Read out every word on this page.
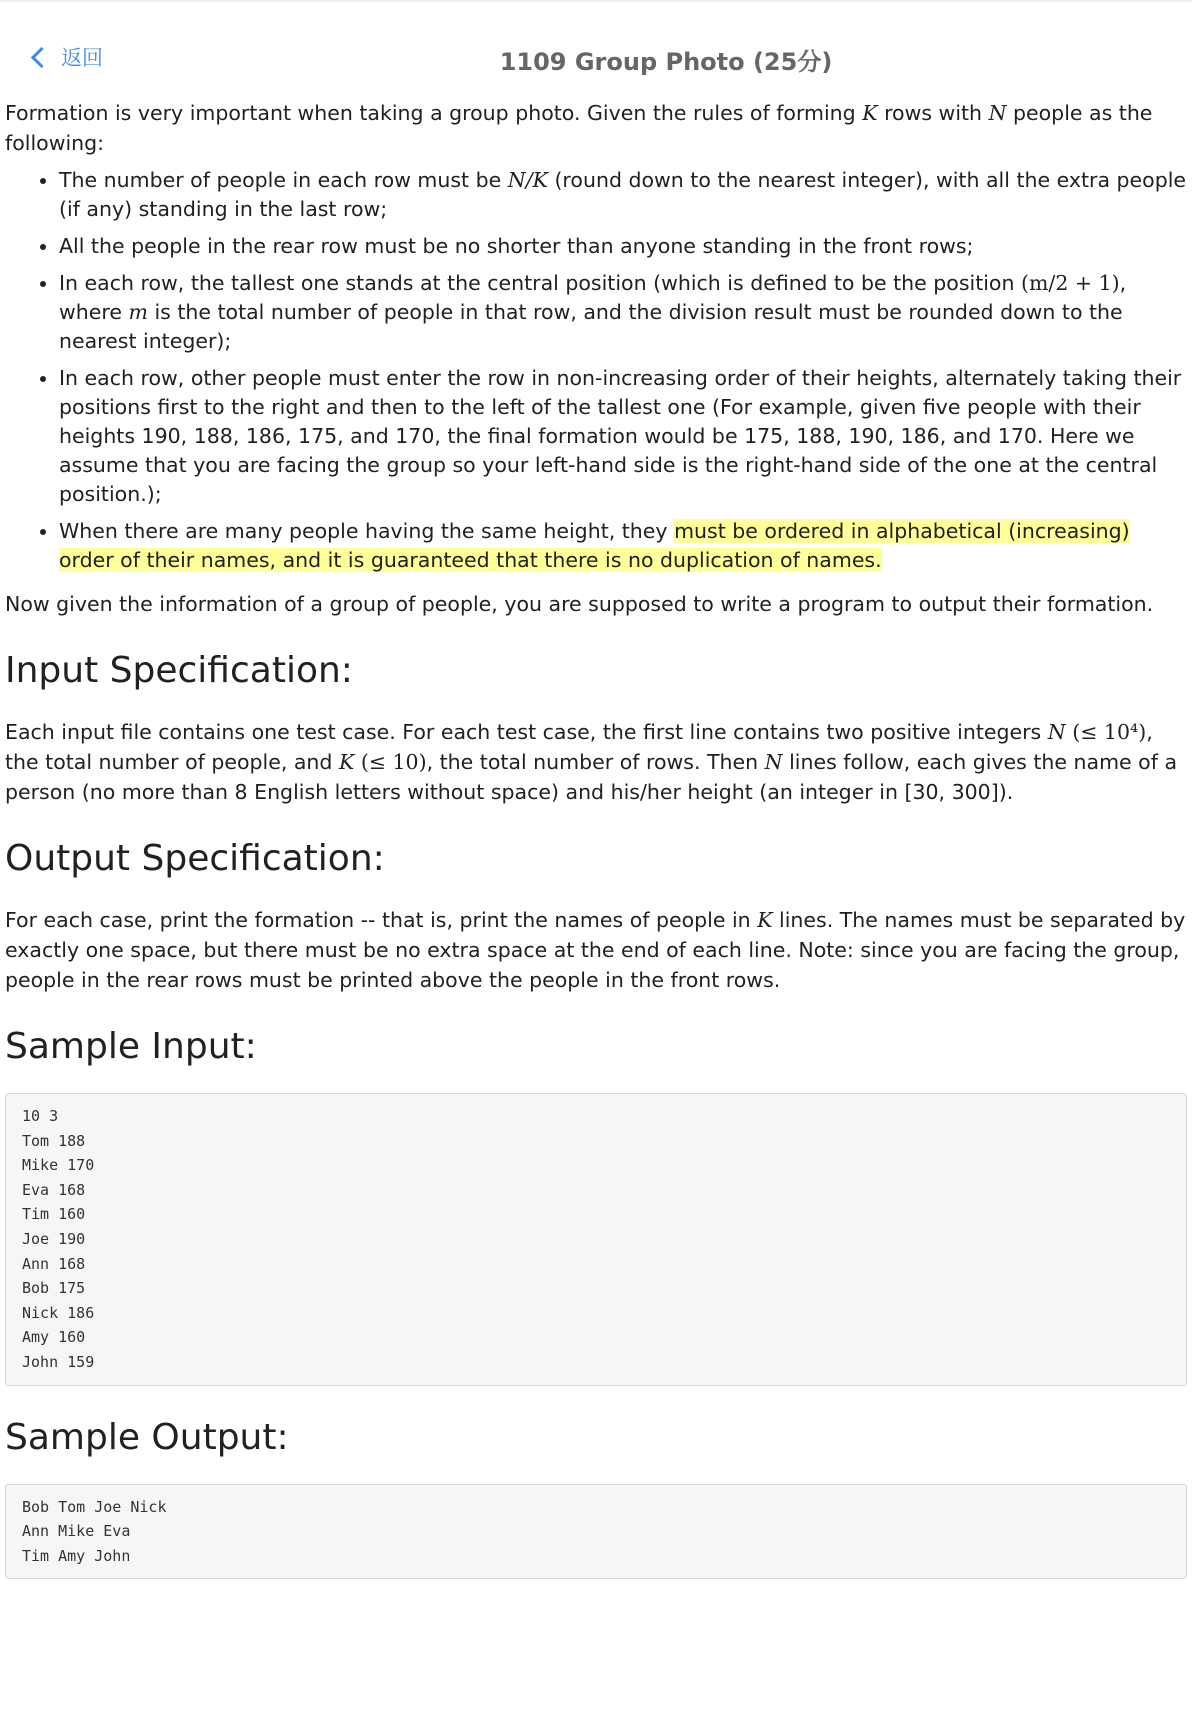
返回	1109 Group Photo (25分)

Formation is very important when taking a group photo. Given the rules of forming K rows with N people as the following:

• The number of people in each row must be N/K (round down to the nearest integer), with all the extra people (if any) standing in the last row;
• All the people in the rear row must be no shorter than anyone standing in the front rows;
• In each row, the tallest one stands at the central position (which is defined to be the position (m/2 + 1), where m is the total number of people in that row, and the division result must be rounded down to the nearest integer);
• In each row, other people must enter the row in non-increasing order of their heights, alternately taking their positions first to the right and then to the left of the tallest one (For example, given five people with their heights 190, 188, 186, 175, and 170, the final formation would be 175, 188, 190, 186, and 170. Here we assume that you are facing the group so your left-hand side is the right-hand side of the one at the central position.);
• When there are many people having the same height, they must be ordered in alphabetical (increasing) order of their names, and it is guaranteed that there is no duplication of names.

Now given the information of a group of people, you are supposed to write a program to output their formation.

Input Specification:

Each input file contains one test case. For each test case, the first line contains two positive integers N (≤ 10⁴), the total number of people, and K (≤ 10), the total number of rows. Then N lines follow, each gives the name of a person (no more than 8 English letters without space) and his/her height (an integer in [30, 300]).

Output Specification:

For each case, print the formation -- that is, print the names of people in K lines. The names must be separated by exactly one space, but there must be no extra space at the end of each line. Note: since you are facing the group, people in the rear rows must be printed above the people in the front rows.

Sample Input:
10 3
Tom 188
Mike 170
Eva 168
Tim 160
Joe 190
Ann 168
Bob 175
Nick 186
Amy 160
John 159
Sample Output:
Bob Tom Joe Nick
Ann Mike Eva
Tim Amy John
